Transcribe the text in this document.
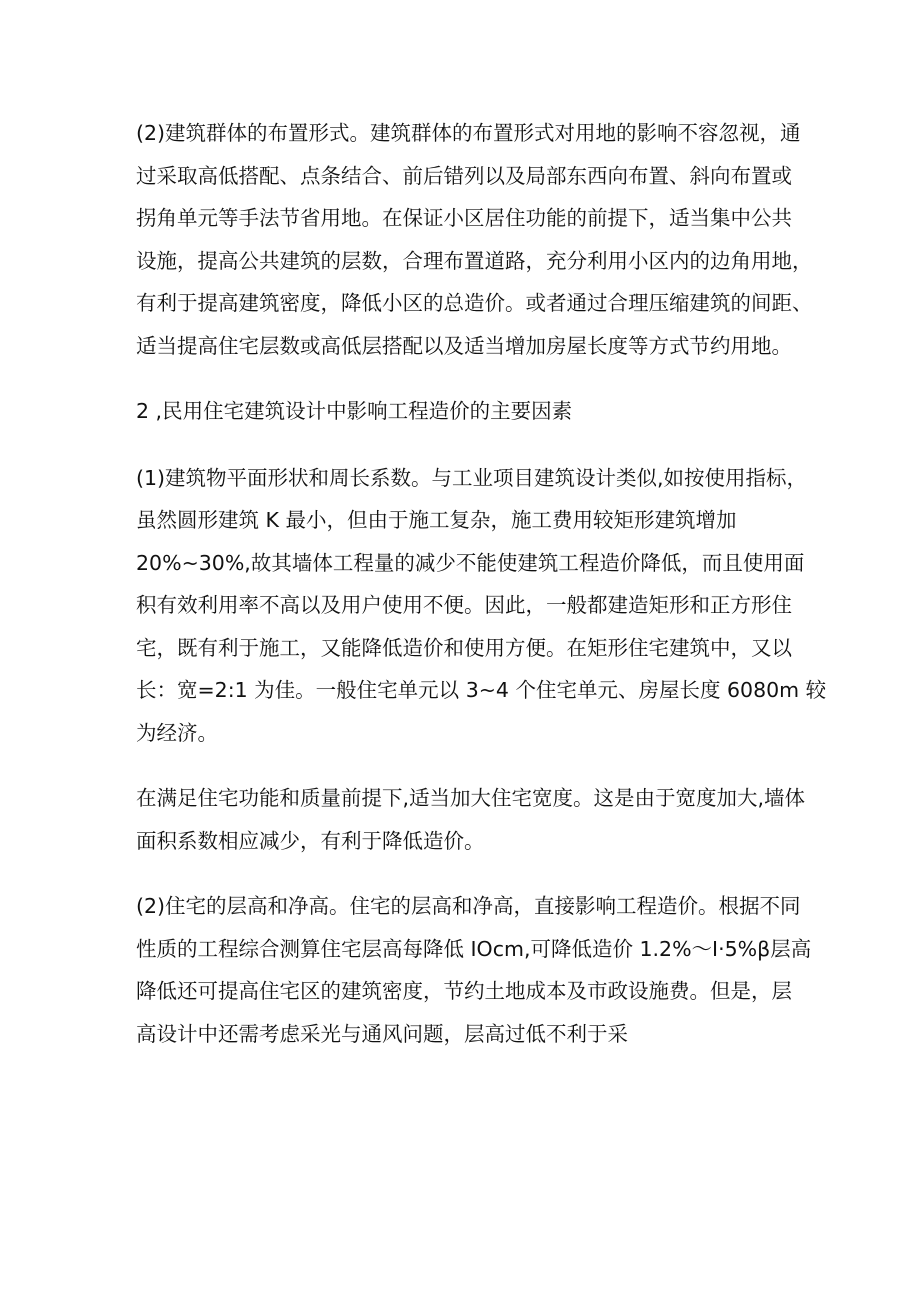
(2)建筑群体的布置形式。建筑群体的布置形式对用地的影响不容忽视，通
过采取高低搭配、点条结合、前后错列以及局部东西向布置、斜向布置或
拐角单元等手法节省用地。在保证小区居住功能的前提下，适当集中公共
设施，提高公共建筑的层数，合理布置道路，充分利用小区内的边角用地，
有利于提高建筑密度，降低小区的总造价。或者通过合理压缩建筑的间距、
适当提高住宅层数或高低层搭配以及适当增加房屋长度等方式节约用地。
2 ,民用住宅建筑设计中影响工程造价的主要因素
(1)建筑物平面形状和周长系数。与工业项目建筑设计类似,如按使用指标，
虽然圆形建筑 K 最小，但由于施工复杂，施工费用较矩形建筑增加
20%~30%,故其墙体工程量的减少不能使建筑工程造价降低，而且使用面
积有效利用率不高以及用户使用不便。因此，一般都建造矩形和正方形住
宅，既有利于施工，又能降低造价和使用方便。在矩形住宅建筑中，又以
长：宽=2:1 为佳。一般住宅单元以 3~4 个住宅单元、房屋长度 6080m 较
为经济。
在满足住宅功能和质量前提下,适当加大住宅宽度。这是由于宽度加大,墙体
面积系数相应减少，有利于降低造价。
(2)住宅的层高和净高。住宅的层高和净高，直接影响工程造价。根据不同
性质的工程综合测算住宅层高每降低 IOcm,可降低造价 1.2%～I·5%β层高
降低还可提高住宅区的建筑密度，节约土地成本及市政设施费。但是，层
高设计中还需考虑采光与通风问题，层高过低不利于采
